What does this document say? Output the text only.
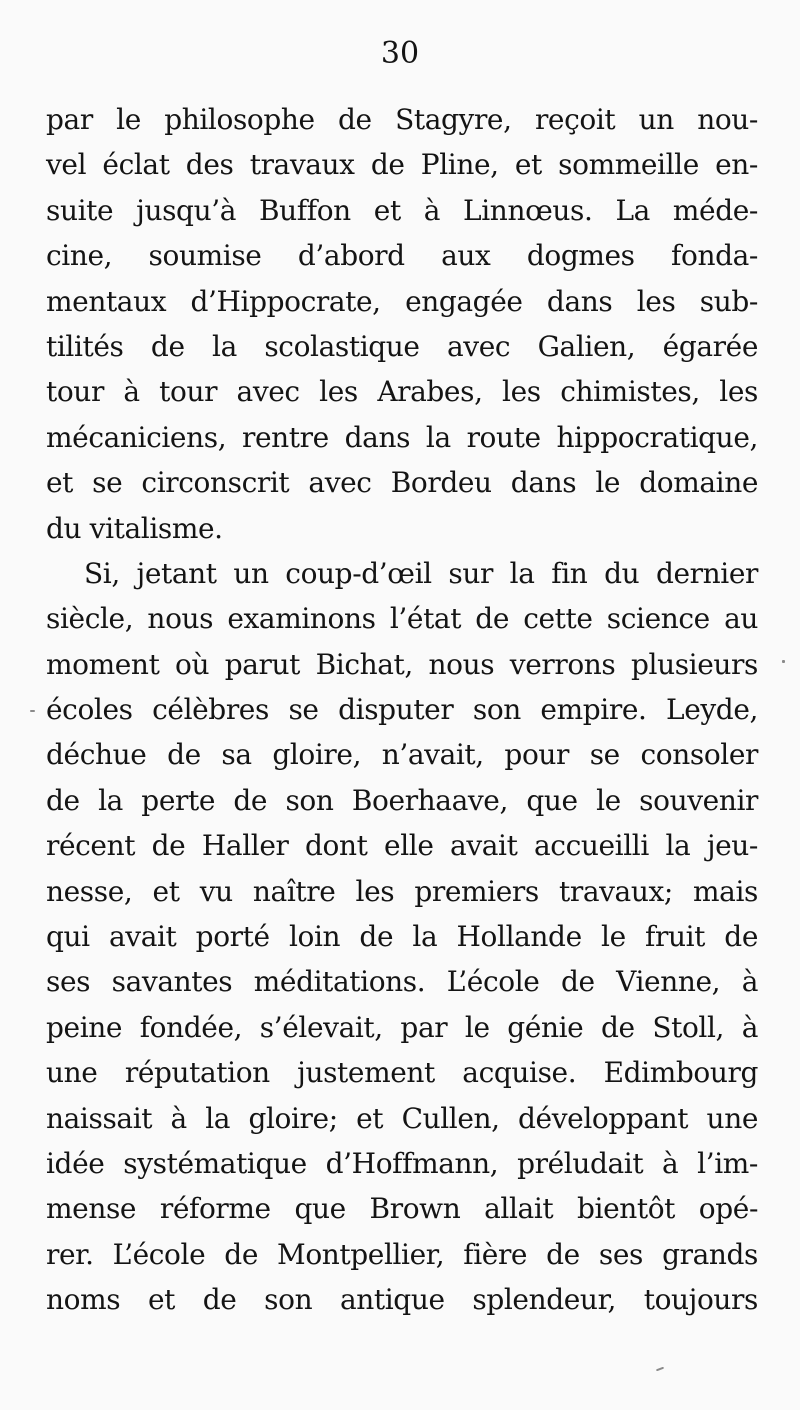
30
par le philosophe de Stagyre, reçoit un nou-
vel éclat des travaux de Pline, et sommeille en-
suite jusqu’à Buffon et à Linnœus. La méde-
cine, soumise d’abord aux dogmes fonda-
mentaux d’Hippocrate, engagée dans les sub-
tilités de la scolastique avec Galien, égarée
tour à tour avec les Arabes, les chimistes, les
mécaniciens, rentre dans la route hippocratique,
et se circonscrit avec Bordeu dans le domaine
du vitalisme.
Si, jetant un coup-d’œil sur la fin du dernier
siècle, nous examinons l’état de cette science au
moment où parut Bichat, nous verrons plusieurs
écoles célèbres se disputer son empire. Leyde,
déchue de sa gloire, n’avait, pour se consoler
de la perte de son Boerhaave, que le souvenir
récent de Haller dont elle avait accueilli la jeu-
nesse, et vu naître les premiers travaux; mais
qui avait porté loin de la Hollande le fruit de
ses savantes méditations. L’école de Vienne, à
peine fondée, s’élevait, par le génie de Stoll, à
une réputation justement acquise. Edimbourg
naissait à la gloire; et Cullen, développant une
idée systématique d’Hoffmann, préludait à l’im-
mense réforme que Brown allait bientôt opé-
rer. L’école de Montpellier, fière de ses grands
noms et de son antique splendeur, toujours
